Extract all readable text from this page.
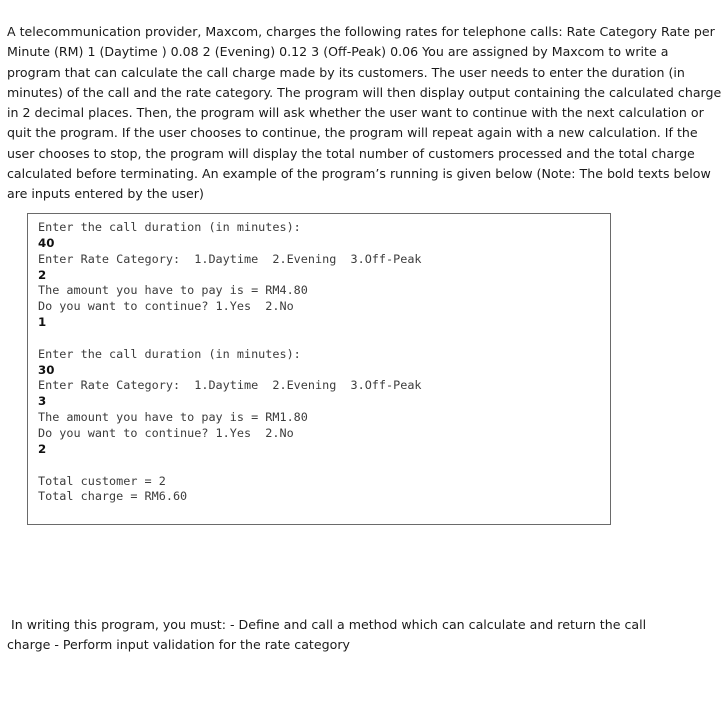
A telecommunication provider, Maxcom, charges the following rates for telephone calls: Rate Category Rate per Minute (RM) 1 (Daytime ) 0.08 2 (Evening) 0.12 3 (Off-Peak) 0.06 You are assigned by Maxcom to write a program that can calculate the call charge made by its customers. The user needs to enter the duration (in minutes) of the call and the rate category. The program will then display output containing the calculated charge in 2 decimal places. Then, the program will ask whether the user want to continue with the next calculation or quit the program. If the user chooses to continue, the program will repeat again with a new calculation. If the user chooses to stop, the program will display the total number of customers processed and the total charge calculated before terminating. An example of the program’s running is given below (Note: The bold texts below are inputs entered by the user)

Enter the call duration (in minutes):
40
Enter Rate Category:  1.Daytime  2.Evening  3.Off-Peak
2
The amount you have to pay is = RM4.80
Do you want to continue? 1.Yes  2.No
1
Enter the call duration (in minutes):
30
Enter Rate Category:  1.Daytime  2.Evening  3.Off-Peak
3
The amount you have to pay is = RM1.80
Do you want to continue? 1.Yes  2.No
2
Total customer = 2
Total charge = RM6.60
In writing this program, you must: - Define and call a method which can calculate and return the call
charge - Perform input validation for the rate category
